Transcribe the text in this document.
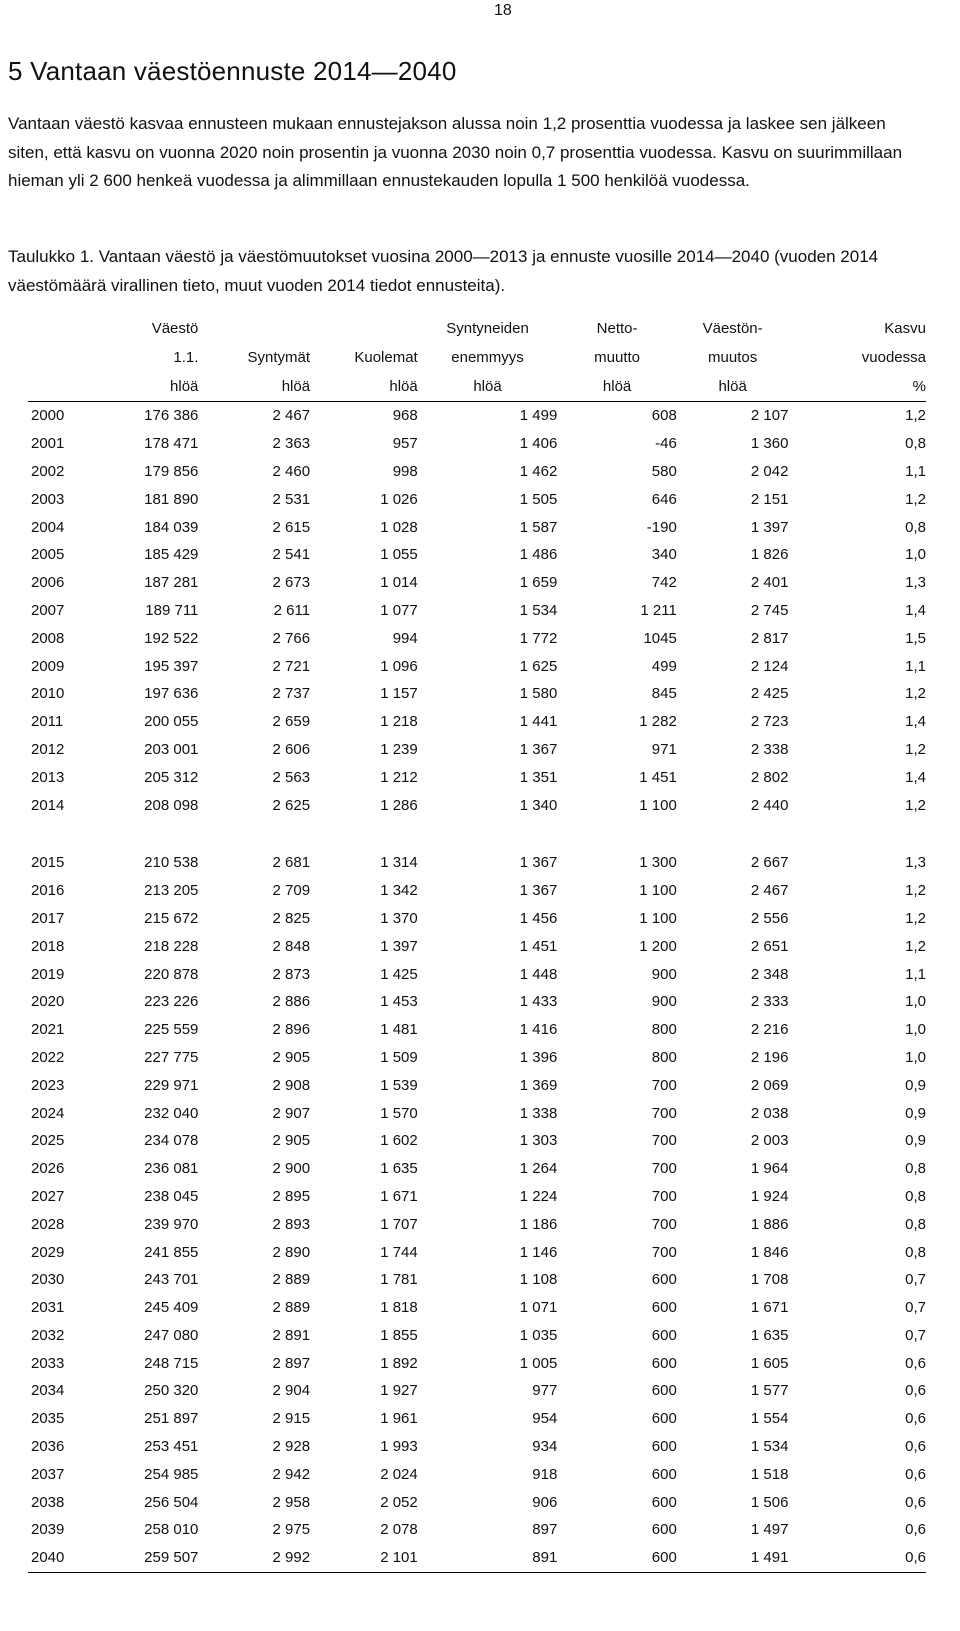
18
5 Vantaan väestöennuste 2014—2040

Vantaan väestö kasvaa ennusteen mukaan ennustejakson alussa noin 1,2 prosenttia vuodessa ja laskee sen jälkeen siten, että kasvu on vuonna 2020 noin prosentin ja vuonna 2030 noin 0,7 prosenttia vuodessa. Kasvu on suurimmillaan hieman yli 2 600 henkeä vuodessa ja alimmillaan ennustekauden lopulla 1 500 henkilöä vuodessa.

Taulukko 1. Vantaan väestö ja väestömuutokset vuosina 2000—2013 ja ennuste vuosille 2014—2040 (vuoden 2014 väestömäärä virallinen tieto, muut vuoden 2014 tiedot ennusteita).

	Väestö			Syntyneiden	Netto-	Väestön-	Kasvu
	1.1.	Syntymät	Kuolemat	enemmyys	muutto	muutos	vuodessa
	hlöä	hlöä	hlöä	hlöä	hlöä	hlöä	%
2000	176 386	2 467	968	1 499	608	2 107	1,2
2001	178 471	2 363	957	1 406	-46	1 360	0,8
2002	179 856	2 460	998	1 462	580	2 042	1,1
2003	181 890	2 531	1 026	1 505	646	2 151	1,2
2004	184 039	2 615	1 028	1 587	-190	1 397	0,8
2005	185 429	2 541	1 055	1 486	340	1 826	1,0
2006	187 281	2 673	1 014	1 659	742	2 401	1,3
2007	189 711	2 611	1 077	1 534	1 211	2 745	1,4
2008	192 522	2 766	994	1 772	1045	2 817	1,5
2009	195 397	2 721	1 096	1 625	499	2 124	1,1
2010	197 636	2 737	1 157	1 580	845	2 425	1,2
2011	200 055	2 659	1 218	1 441	1 282	2 723	1,4
2012	203 001	2 606	1 239	1 367	971	2 338	1,2
2013	205 312	2 563	1 212	1 351	1 451	2 802	1,4
2014	208 098	2 625	1 286	1 340	1 100	2 440	1,2

2015	210 538	2 681	1 314	1 367	1 300	2 667	1,3
2016	213 205	2 709	1 342	1 367	1 100	2 467	1,2
2017	215 672	2 825	1 370	1 456	1 100	2 556	1,2
2018	218 228	2 848	1 397	1 451	1 200	2 651	1,2
2019	220 878	2 873	1 425	1 448	900	2 348	1,1
2020	223 226	2 886	1 453	1 433	900	2 333	1,0
2021	225 559	2 896	1 481	1 416	800	2 216	1,0
2022	227 775	2 905	1 509	1 396	800	2 196	1,0
2023	229 971	2 908	1 539	1 369	700	2 069	0,9
2024	232 040	2 907	1 570	1 338	700	2 038	0,9
2025	234 078	2 905	1 602	1 303	700	2 003	0,9
2026	236 081	2 900	1 635	1 264	700	1 964	0,8
2027	238 045	2 895	1 671	1 224	700	1 924	0,8
2028	239 970	2 893	1 707	1 186	700	1 886	0,8
2029	241 855	2 890	1 744	1 146	700	1 846	0,8
2030	243 701	2 889	1 781	1 108	600	1 708	0,7
2031	245 409	2 889	1 818	1 071	600	1 671	0,7
2032	247 080	2 891	1 855	1 035	600	1 635	0,7
2033	248 715	2 897	1 892	1 005	600	1 605	0,6
2034	250 320	2 904	1 927	977	600	1 577	0,6
2035	251 897	2 915	1 961	954	600	1 554	0,6
2036	253 451	2 928	1 993	934	600	1 534	0,6
2037	254 985	2 942	2 024	918	600	1 518	0,6
2038	256 504	2 958	2 052	906	600	1 506	0,6
2039	258 010	2 975	2 078	897	600	1 497	0,6
2040	259 507	2 992	2 101	891	600	1 491	0,6
